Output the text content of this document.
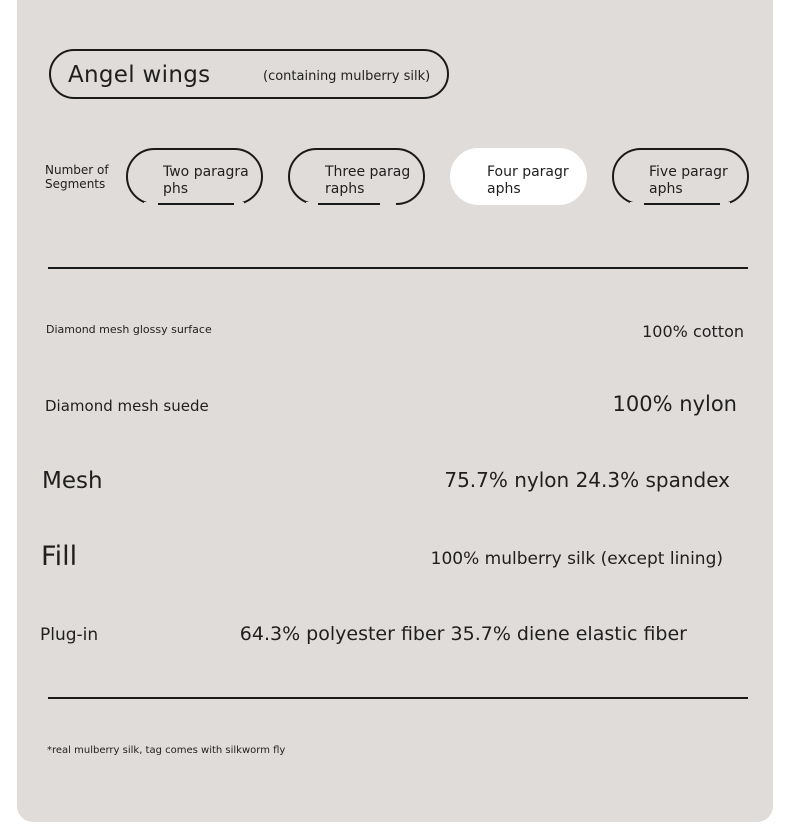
Angel wings	(containing mulberry silk)
Number of Segments
Two paragraphs
Three paragraphs
Four paragraphs
Five paragraphs
Diamond mesh glossy surface	100% cotton
Diamond mesh suede	100% nylon
Mesh	75.7% nylon 24.3% spandex
Fill	100% mulberry silk (except lining)
Plug-in	64.3% polyester fiber 35.7% diene elastic fiber
*real mulberry silk, tag comes with silkworm fly
